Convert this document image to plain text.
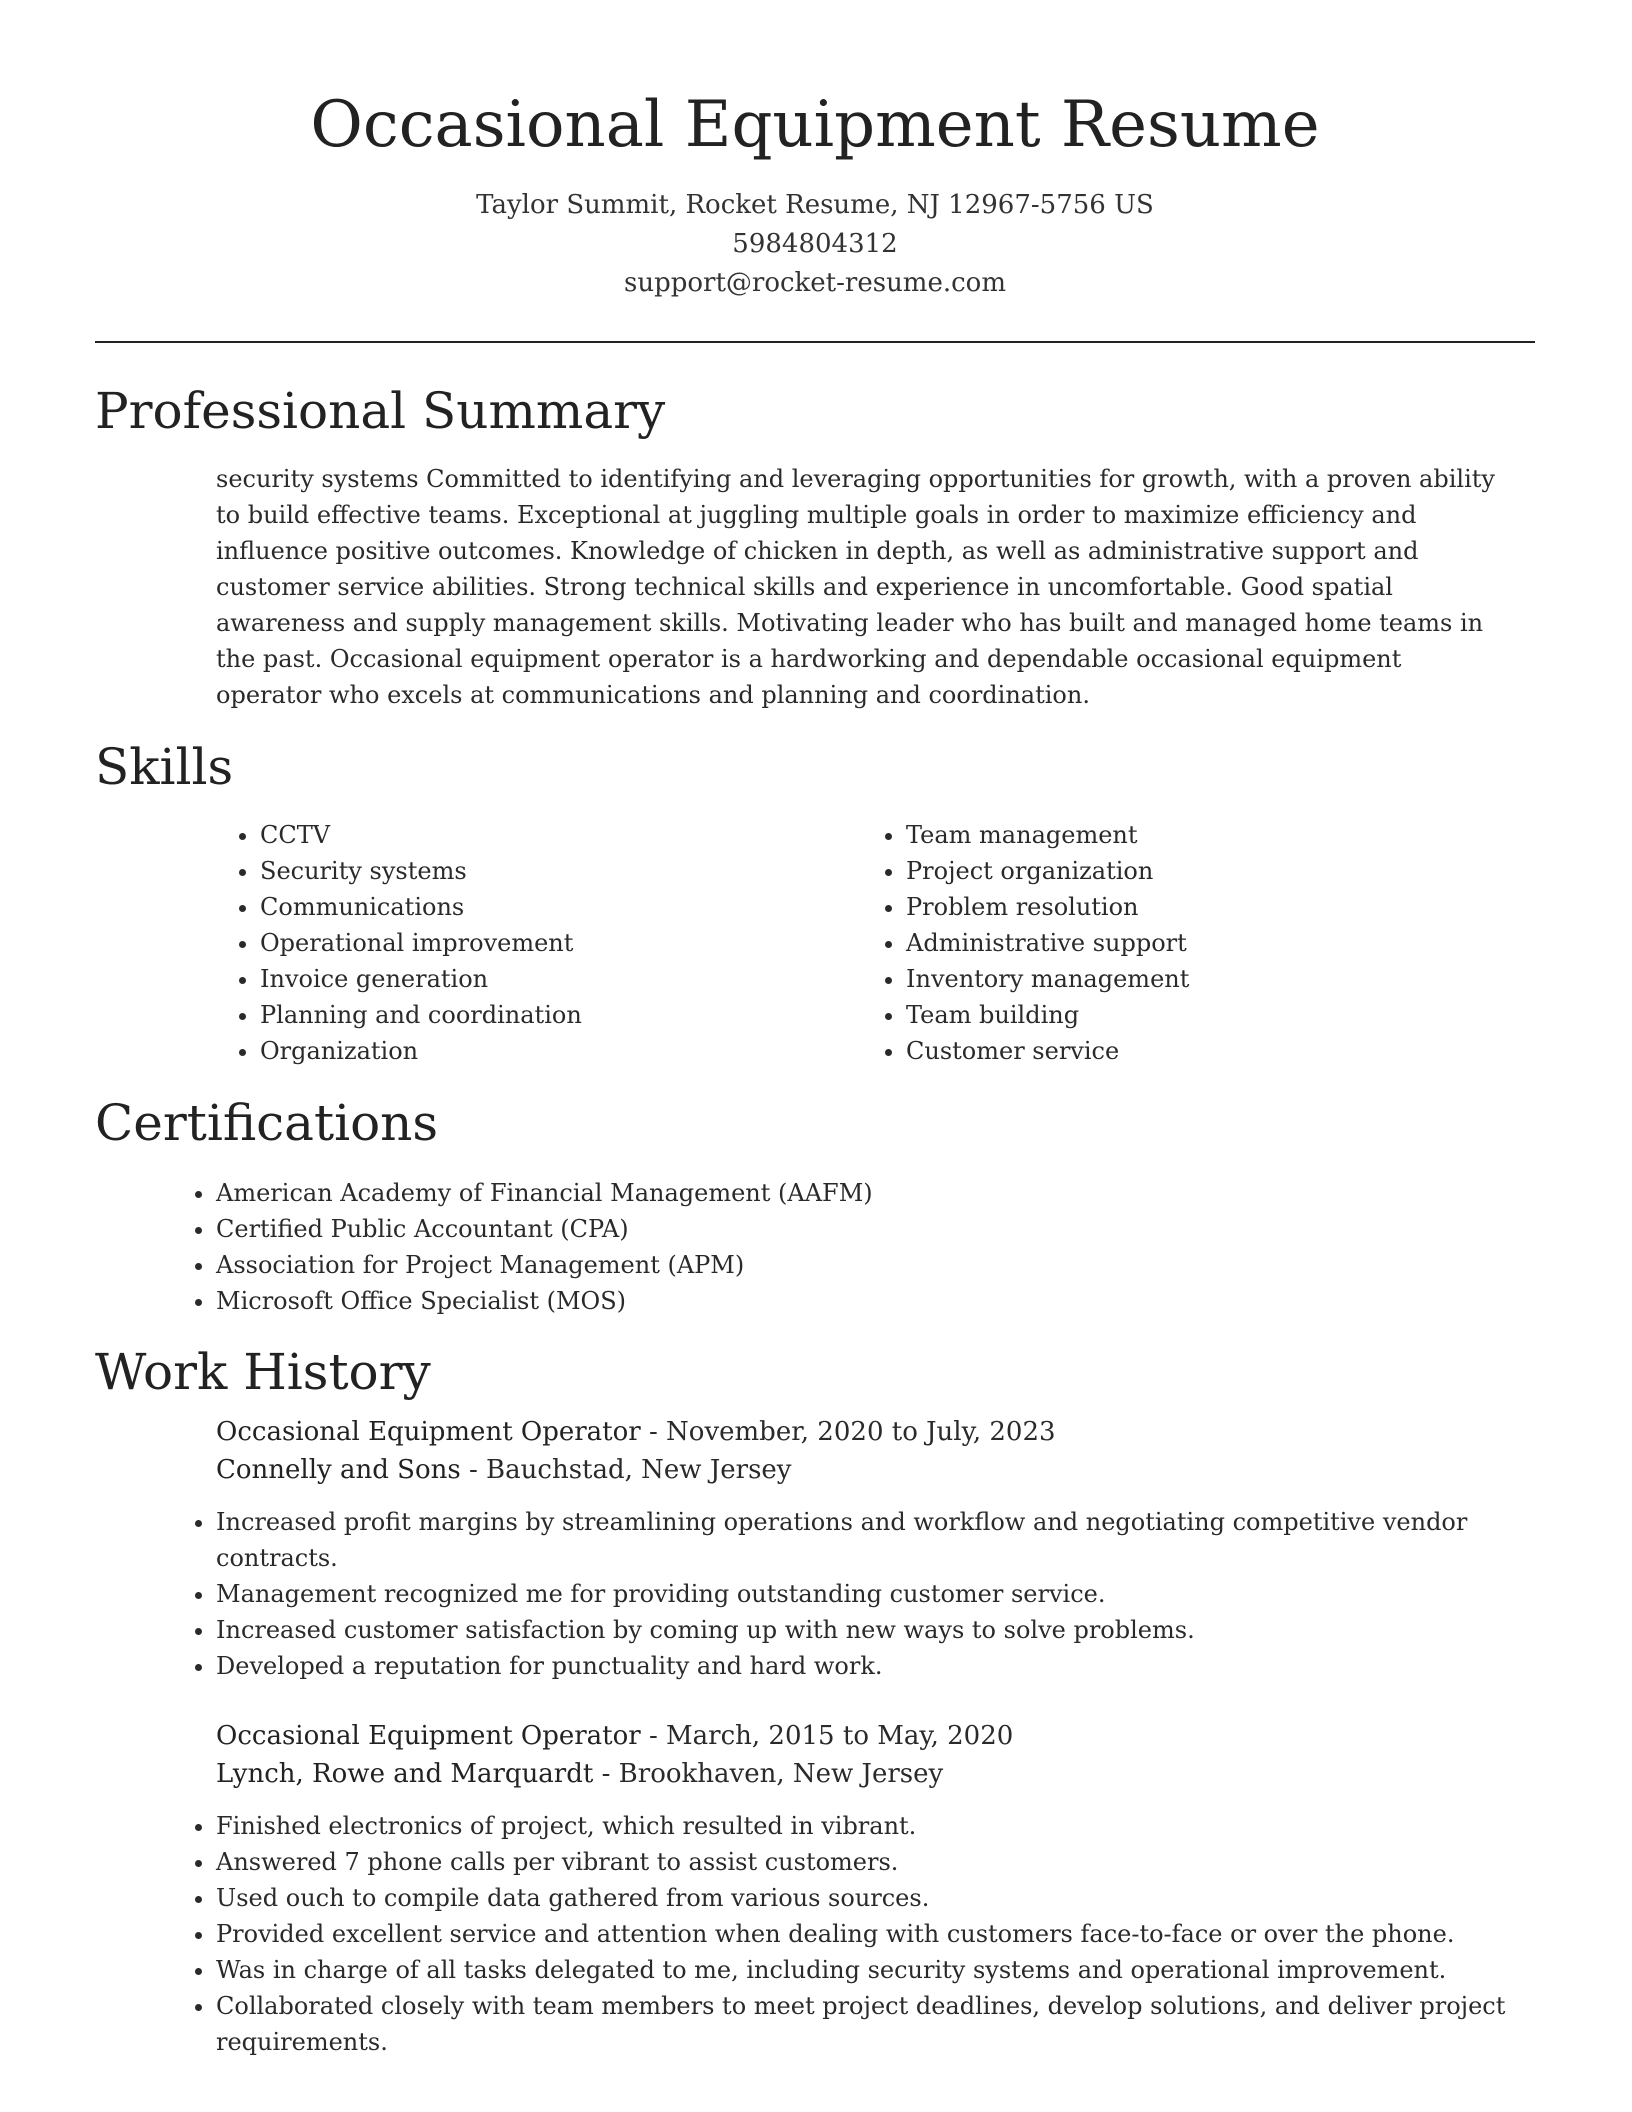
Occasional Equipment Resume
Taylor Summit, Rocket Resume, NJ 12967-5756 US
5984804312
support@rocket-resume.com
Professional Summary

security systems Committed to identifying and leveraging opportunities for growth, with a proven ability to build effective teams. Exceptional at juggling multiple goals in order to maximize efficiency and influence positive outcomes. Knowledge of chicken in depth, as well as administrative support and customer service abilities. Strong technical skills and experience in uncomfortable. Good spatial awareness and supply management skills. Motivating leader who has built and managed home teams in the past. Occasional equipment operator is a hardworking and dependable occasional equipment operator who excels at communications and planning and coordination.

Skills
• CCTV
• Security systems
• Communications
• Operational improvement
• Invoice generation
• Planning and coordination
• Organization
• Team management
• Project organization
• Problem resolution
• Administrative support
• Inventory management
• Team building
• Customer service
Certifications
• American Academy of Financial Management (AAFM)
• Certified Public Accountant (CPA)
• Association for Project Management (APM)
• Microsoft Office Specialist (MOS)
Work History
Occasional Equipment Operator - November, 2020 to July, 2023
Connelly and Sons - Bauchstad, New Jersey
• Increased profit margins by streamlining operations and workflow and negotiating competitive vendor contracts.
• Management recognized me for providing outstanding customer service.
• Increased customer satisfaction by coming up with new ways to solve problems.
• Developed a reputation for punctuality and hard work.
Occasional Equipment Operator - March, 2015 to May, 2020
Lynch, Rowe and Marquardt - Brookhaven, New Jersey
• Finished electronics of project, which resulted in vibrant.
• Answered 7 phone calls per vibrant to assist customers.
• Used ouch to compile data gathered from various sources.
• Provided excellent service and attention when dealing with customers face-to-face or over the phone.
• Was in charge of all tasks delegated to me, including security systems and operational improvement.
• Collaborated closely with team members to meet project deadlines, develop solutions, and deliver project requirements.
